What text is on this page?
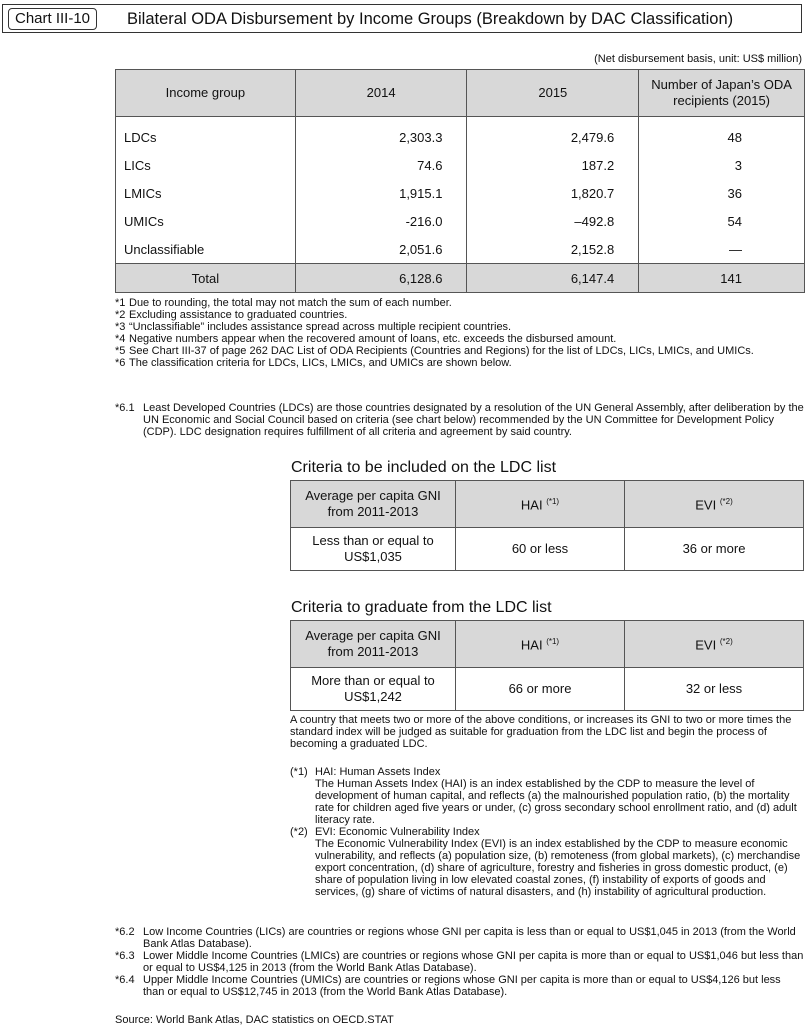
Chart III-10	Bilateral ODA Disbursement by Income Groups (Breakdown by DAC Classification)
(Net disbursement basis, unit: US$ million)
Income group	2014	2015	Number of Japan’s ODA recipients (2015)
LDCs	2,303.3	2,479.6	48
LICs	74.6	187.2	3
LMICs	1,915.1	1,820.7	36
UMICs	-216.0	–492.8	54
Unclassifiable	2,051.6	2,152.8	—
Total	6,128.6	6,147.4	141
*1 Due to rounding, the total may not match the sum of each number.
*2 Excluding assistance to graduated countries.
*3 “Unclassifiable” includes assistance spread across multiple recipient countries.
*4 Negative numbers appear when the recovered amount of loans, etc. exceeds the disbursed amount.
*5 See Chart III-37 of page 262 DAC List of ODA Recipients (Countries and Regions) for the list of LDCs, LICs, LMICs, and UMICs.
*6 The classification criteria for LDCs, LICs, LMICs, and UMICs are shown below.
*6.1 Least Developed Countries (LDCs) are those countries designated by a resolution of the UN General Assembly, after deliberation by the UN Economic and Social Council based on criteria (see chart below) recommended by the UN Committee for Development Policy (CDP). LDC designation requires fulfillment of all criteria and agreement by said country.
Criteria to be included on the LDC list
Average per capita GNI from 2011-2013	HAI $^{(*1)}$	EVI $^{(*2)}$
Less than or equal to US$1,035	60 or less	36 or more
Criteria to graduate from the LDC list
Average per capita GNI from 2011-2013	HAI $^{(*1)}$	EVI $^{(*2)}$
More than or equal to US$1,242	66 or more	32 or less
A country that meets two or more of the above conditions, or increases its GNI to two or more times the standard index will be judged as suitable for graduation from the LDC list and begin the process of becoming a graduated LDC.
(*1) HAI: Human Assets Index
The Human Assets Index (HAI) is an index established by the CDP to measure the level of development of human capital, and reflects (a) the malnourished population ratio, (b) the mortality rate for children aged five years or under, (c) gross secondary school enrollment ratio, and (d) adult literacy rate.
(*2) EVI: Economic Vulnerability Index
The Economic Vulnerability Index (EVI) is an index established by the CDP to measure economic vulnerability, and reflects (a) population size, (b) remoteness (from global markets), (c) merchandise export concentration, (d) share of agriculture, forestry and fisheries in gross domestic product, (e) share of population living in low elevated coastal zones, (f) instability of exports of goods and services, (g) share of victims of natural disasters, and (h) instability of agricultural production.
*6.2 Low Income Countries (LICs) are countries or regions whose GNI per capita is less than or equal to US$1,045 in 2013 (from the World Bank Atlas Database).
*6.3 Lower Middle Income Countries (LMICs) are countries or regions whose GNI per capita is more than or equal to US$1,046 but less than or equal to US$4,125 in 2013 (from the World Bank Atlas Database).
*6.4 Upper Middle Income Countries (UMICs) are countries or regions whose GNI per capita is more than or equal to US$4,126 but less than or equal to US$12,745 in 2013 (from the World Bank Atlas Database).
Source: World Bank Atlas, DAC statistics on OECD.STAT
